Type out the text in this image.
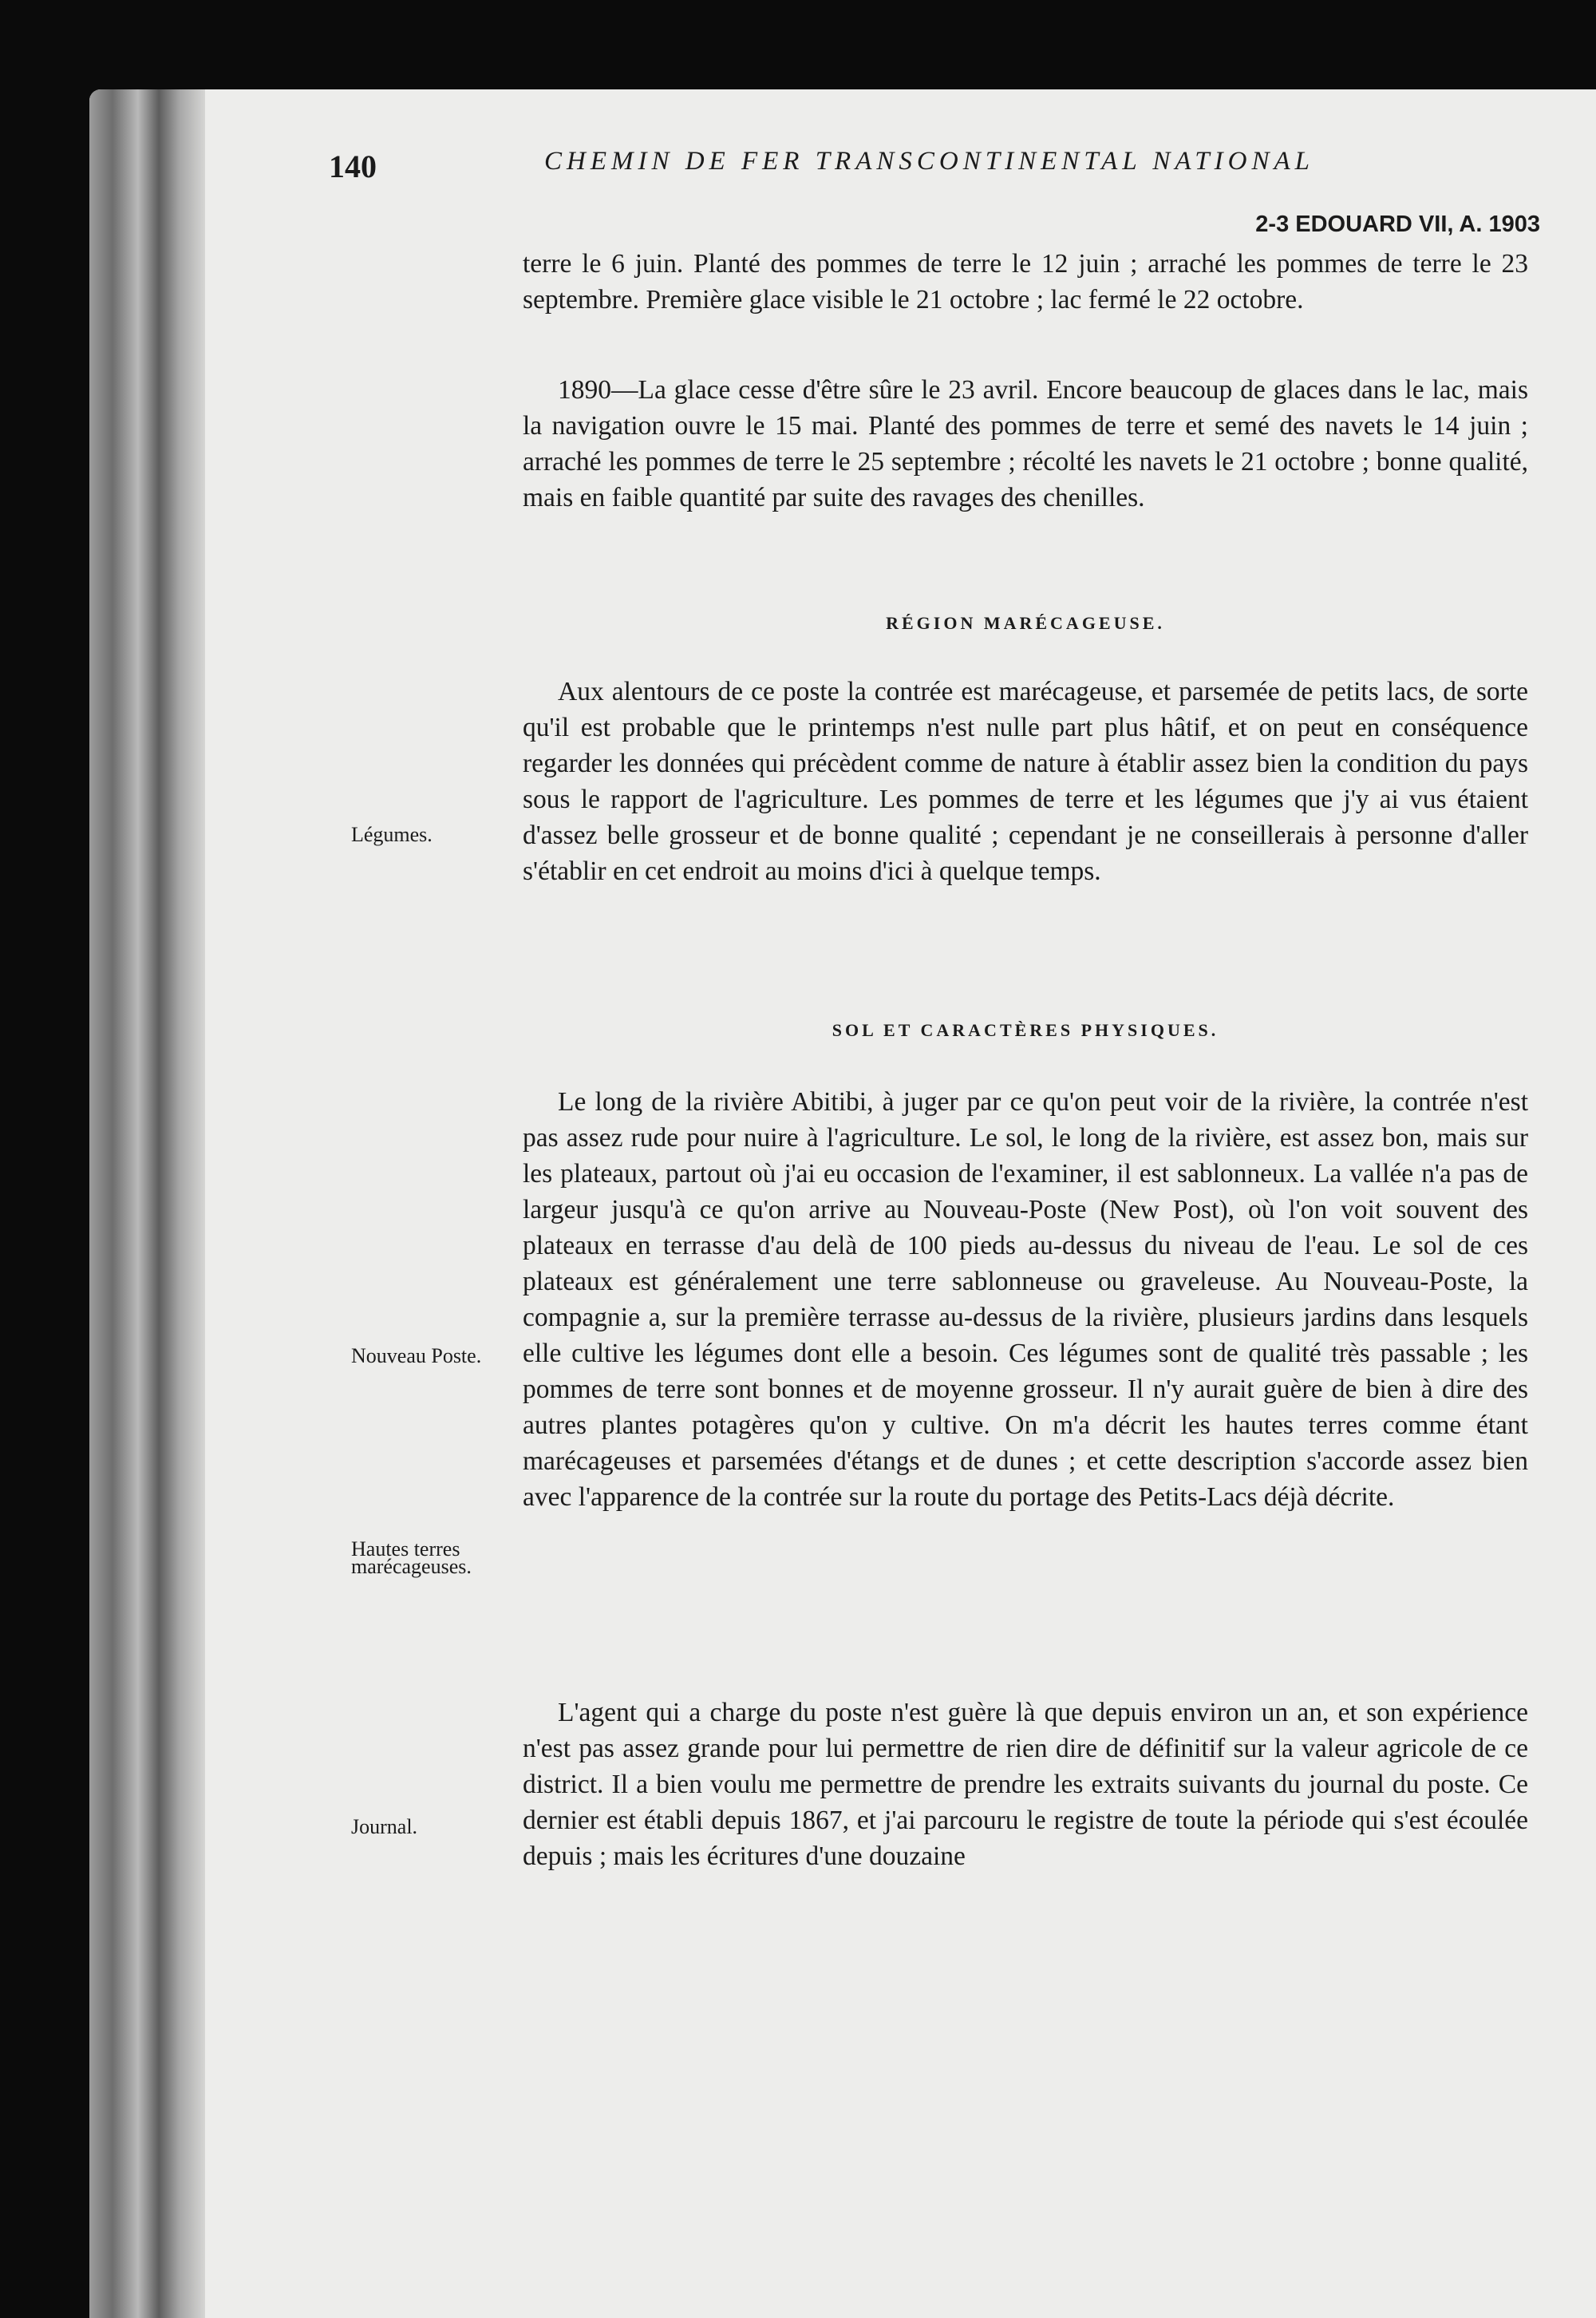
140	CHEMIN DE FER TRANSCONTINENTAL NATIONAL
2-3 EDOUARD VII, A. 1903

terre le 6 juin. Planté des pommes de terre le 12 juin ; arraché les pommes de terre le 23 septembre. Première glace visible le 21 octobre ; lac fermé le 22 octobre.

1890—La glace cesse d'être sûre le 23 avril. Encore beaucoup de glaces dans le lac, mais la navigation ouvre le 15 mai. Planté des pommes de terre et semé des navets le 14 juin ; arraché les pommes de terre le 25 septembre ; récolté les navets le 21 octobre ; bonne qualité, mais en faible quantité par suite des ravages des chenilles.

RÉGION MARÉCAGEUSE.

Aux alentours de ce poste la contrée est marécageuse, et parsemée de petits lacs, de sorte qu'il est probable que le printemps n'est nulle part plus hâtif, et on peut en conséquence regarder les données qui précèdent comme de nature à établir assez bien la condition du pays sous le rapport de l'agriculture. Les pommes de terre et les légumes que j'y ai vus étaient d'assez belle grosseur et de bonne qualité ; cependant je ne conseillerais à personne d'aller s'établir en cet endroit au moins d'ici à quelque temps.

SOL ET CARACTÈRES PHYSIQUES.

Le long de la rivière Abitibi, à juger par ce qu'on peut voir de la rivière, la contrée n'est pas assez rude pour nuire à l'agriculture. Le sol, le long de la rivière, est assez bon, mais sur les plateaux, partout où j'ai eu occasion de l'examiner, il est sablonneux. La vallée n'a pas de largeur jusqu'à ce qu'on arrive au Nouveau-Poste (New Post), où l'on voit souvent des plateaux en terrasse d'au delà de 100 pieds au-dessus du niveau de l'eau. Le sol de ces plateaux est généralement une terre sablonneuse ou graveleuse. Au Nouveau-Poste, la compagnie a, sur la première terrasse au-dessus de la rivière, plusieurs jardins dans lesquels elle cultive les légumes dont elle a besoin. Ces légumes sont de qualité très passable ; les pommes de terre sont bonnes et de moyenne grosseur. Il n'y aurait guère de bien à dire des autres plantes potagères qu'on y cultive. On m'a décrit les hautes terres comme étant marécageuses et parsemées d'étangs et de dunes ; et cette description s'accorde assez bien avec l'apparence de la contrée sur la route du portage des Petits-Lacs déjà décrite.

L'agent qui a charge du poste n'est guère là que depuis environ un an, et son expérience n'est pas assez grande pour lui permettre de rien dire de définitif sur la valeur agricole de ce district. Il a bien voulu me permettre de prendre les extraits suivants du journal du poste. Ce dernier est établi depuis 1867, et j'ai parcouru le registre de toute la période qui s'est écoulée depuis ; mais les écritures d'une douzaine

Légumes.
Nouveau Poste.
Hautes terres marécageuses.
Journal.
